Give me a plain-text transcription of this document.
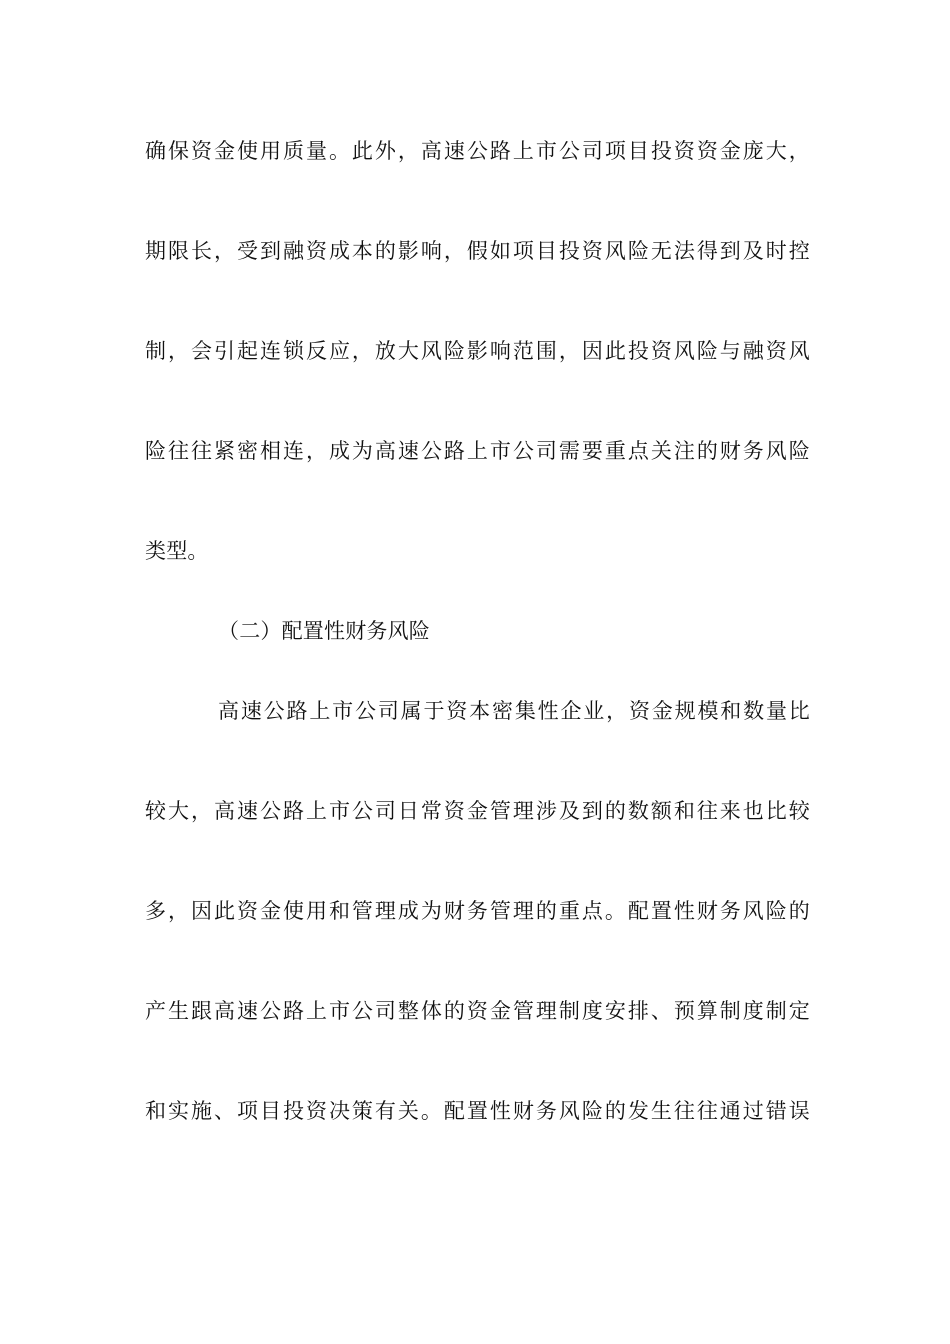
确保资金使用质量。此外，高速公路上市公司项目投资资金庞大，
期限长，受到融资成本的影响，假如项目投资风险无法得到及时控
制，会引起连锁反应，放大风险影响范围，因此投资风险与融资风
险往往紧密相连，成为高速公路上市公司需要重点关注的财务风险
类型。
（二）配置性财务风险
高速公路上市公司属于资本密集性企业，资金规模和数量比
较大，高速公路上市公司日常资金管理涉及到的数额和往来也比较
多，因此资金使用和管理成为财务管理的重点。配置性财务风险的
产生跟高速公路上市公司整体的资金管理制度安排、预算制度制定
和实施、项目投资决策有关。配置性财务风险的发生往往通过错误
